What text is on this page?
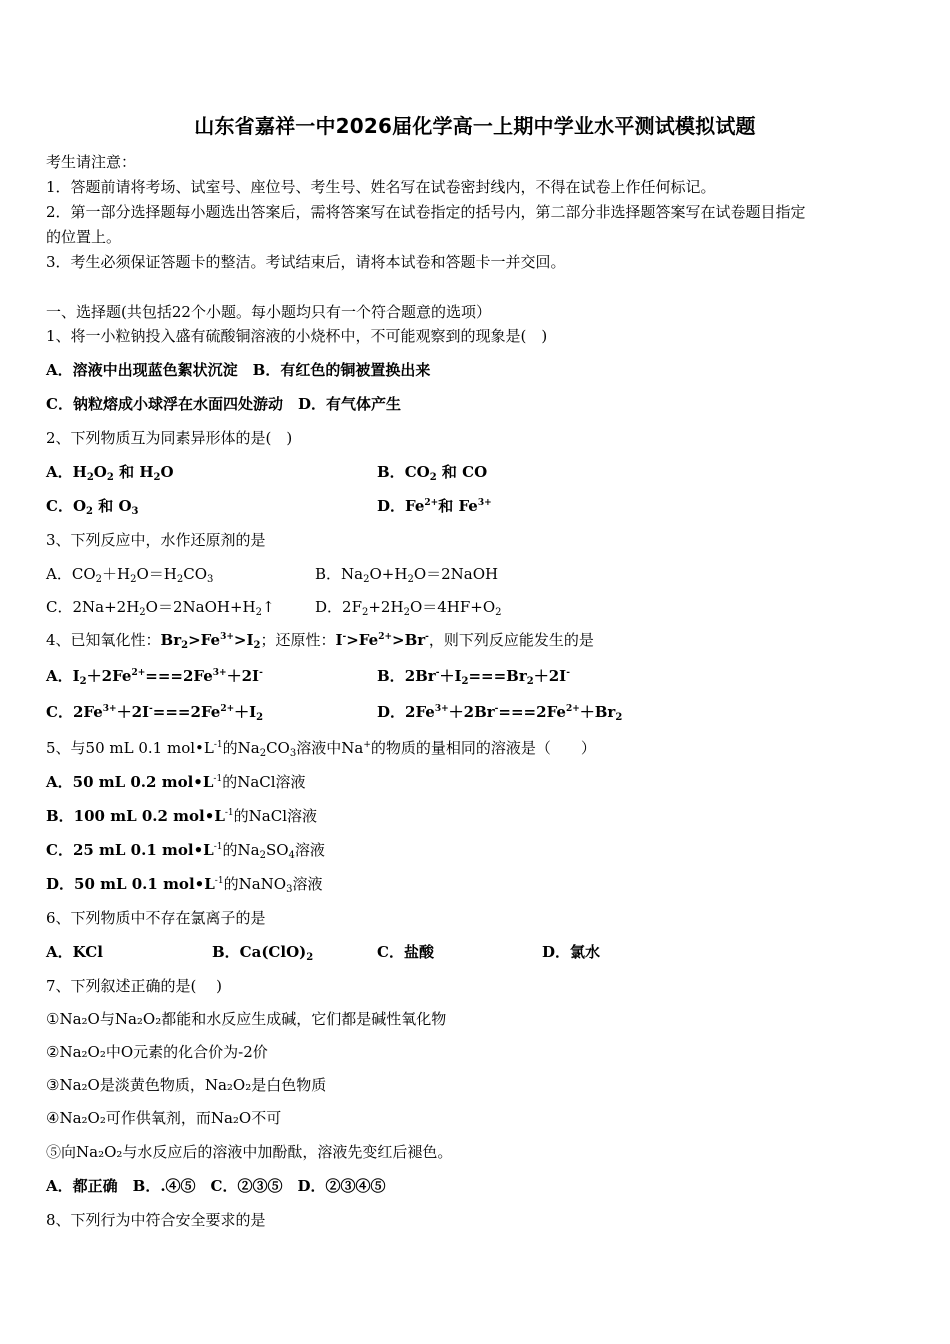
山东省嘉祥一中2026届化学高一上期中学业水平测试模拟试题
考生请注意：
1．答题前请将考场、试室号、座位号、考生号、姓名写在试卷密封线内，不得在试卷上作任何标记。
2．第一部分选择题每小题选出答案后，需将答案写在试卷指定的括号内，第二部分非选择题答案写在试卷题目指定
的位置上。
3．考生必须保证答题卡的整洁。考试结束后，请将本试卷和答题卡一并交回。
一、选择题(共包括22个小题。每小题均只有一个符合题意的选项）
1、将一小粒钠投入盛有硫酸铜溶液的小烧杯中，不可能观察到的现象是(　)
A．溶液中出现蓝色絮状沉淀　B．有红色的铜被置换出来
C．钠粒熔成小球浮在水面四处游动　D．有气体产生
2、下列物质互为同素异形体的是(　)
A．$H_2O_2$ 和 $H_2O$	B．$CO_2$ 和 CO
C．$O_2$ 和 $O_3$	D．$Fe^{2+}$和 $Fe^{3+}$
3、下列反应中，水作还原剂的是
A．$CO_2+H_2O=H_2CO_3$	B．$Na_2O+H_2O=2NaOH$
C．$2Na+2H_2O=2NaOH+H_2↑$	D．$2F_2+2H_2O=4HF+O_2$
4、已知氧化性：$Br_2>Fe^{3+}>I_2$；还原性：$I^->Fe^{2+}>Br^-$，则下列反应能发生的是
A．$I_2+2Fe^{2+}===2Fe^{3+}+2I^-$	B．$2Br^-+I_2===Br_2+2I^-$
C．$2Fe^{3+}+2I^-===2Fe^{2+}+I_2$	D．$2Fe^{3+}+2Br^-===2Fe^{2+}+Br_2$
5、与50 mL 0.1 $mol•L^{-1}$的$Na_2CO_3$溶液中Na+的物质的量相同的溶液是（　　）
A．50 mL 0.2 $mol•L^{-1}$的NaCl溶液
B．100 mL 0.2 $mol•L^{-1}$的NaCl溶液
C．25 mL 0.1 $mol•L^{-1}$的$Na_2SO_4$溶液
D．50 mL 0.1 $mol•L^{-1}$的NaNO$_3$溶液
6、下列物质中不存在氯离子的是
A．KCl	B．$Ca(ClO)_2$	C．盐酸	D．氯水
7、下列叙述正确的是(　 )
①Na₂O与Na₂O₂都能和水反应生成碱，它们都是碱性氧化物
②Na₂O₂中O元素的化合价为-2价
③Na₂O是淡黄色物质，Na₂O₂是白色物质
④Na₂O₂可作供氧剂，而Na₂O不可
⑤向Na₂O₂与水反应后的溶液中加酚酞，溶液先变红后褪色。
A．都正确　B．.④⑤　C．②③⑤　D．②③④⑤
8、下列行为中符合安全要求的是
